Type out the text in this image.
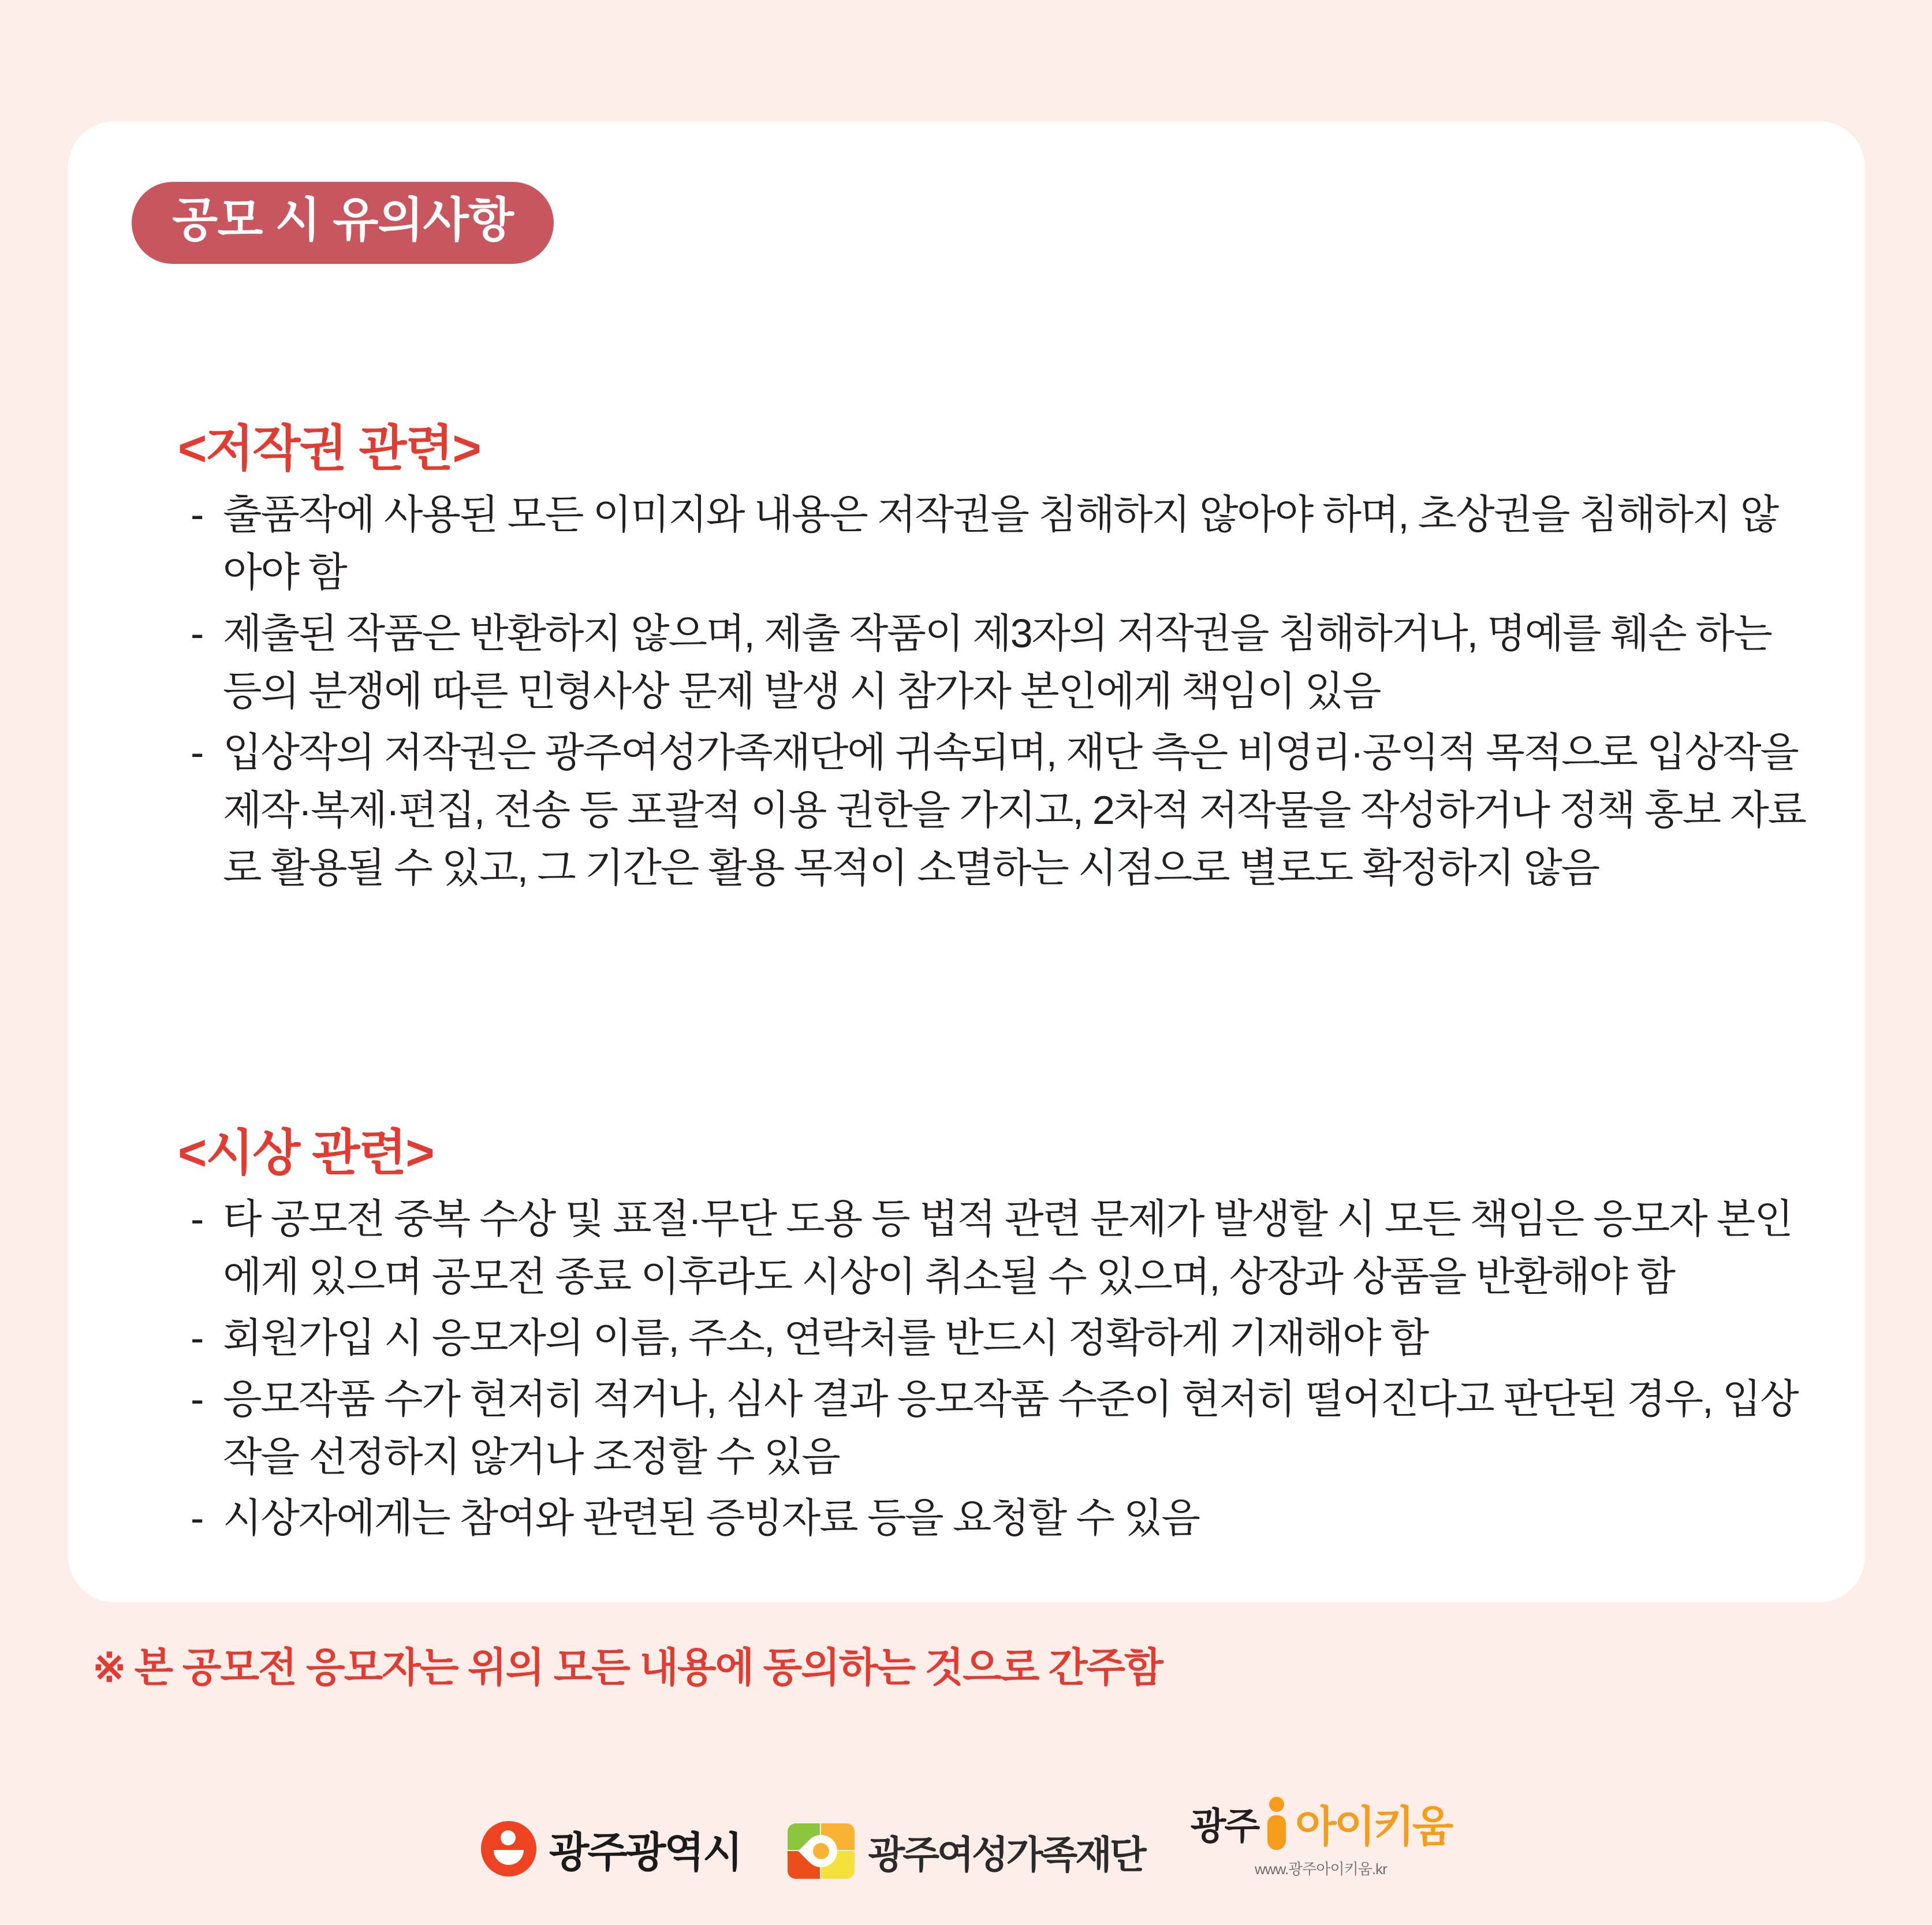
공모 시 유의사항
<저작권 관련>
- 출품작에 사용된 모든 이미지와 내용은 저작권을 침해하지 않아야 하며, 초상권을 침해하지 않아야 함
- 제출된 작품은 반환하지 않으며, 제출 작품이 제3자의 저작권을 침해하거나, 명예를 훼손 하는 등의 분쟁에 따른 민형사상 문제 발생 시 참가자 본인에게 책임이 있음
- 입상작의 저작권은 광주여성가족재단에 귀속되며, 재단 측은 비영리·공익적 목적으로 입상작을 제작·복제·편집, 전송 등 포괄적 이용 권한을 가지고, 2차적 저작물을 작성하거나 정책 홍보 자료로 활용될 수 있고, 그 기간은 활용 목적이 소멸하는 시점으로 별로도 확정하지 않음
<시상 관련>
- 타 공모전 중복 수상 및 표절·무단 도용 등 법적 관련 문제가 발생할 시 모든 책임은 응모자 본인에게 있으며 공모전 종료 이후라도 시상이 취소될 수 있으며, 상장과 상품을 반환해야 함
- 회원가입 시 응모자의 이름, 주소, 연락처를 반드시 정확하게 기재해야 함
- 응모작품 수가 현저히 적거나, 심사 결과 응모작품 수준이 현저히 떨어진다고 판단된 경우, 입상작을 선정하지 않거나 조정할 수 있음
- 시상자에게는 참여와 관련된 증빙자료 등을 요청할 수 있음
※ 본 공모전 응모자는 위의 모든 내용에 동의하는 것으로 간주함
광주광역시	광주여성가족재단
광주 아이키움
www.광주아이키움.kr
